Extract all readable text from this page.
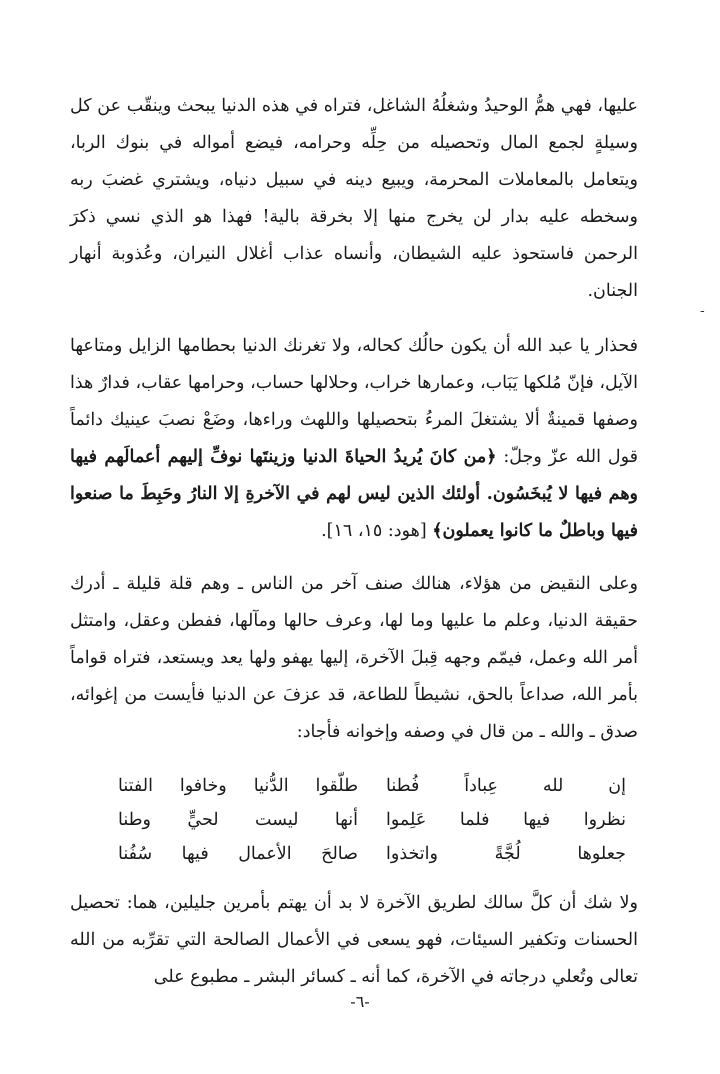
عليها، فهي همُّ الوحيدُ وشغلُهُ الشاغل، فتراه في هذه الدنيا يبحث وينقّب عن كل وسيلةٍ لجمع المال وتحصيله من حِلِّه وحرامه، فيضع أمواله في بنوك الربا، ويتعامل بالمعاملات المحرمة، ويبيع دينه في سبيل دنياه، ويشتري غضبَ ربه وسخطه عليه بدار لن يخرج منها إلا بخرقة بالية! فهذا هو الذي نسي ذكرَ الرحمن فاستحوذ عليه الشيطان، وأنساه عذاب أغلال النيران، وعُذوبة أنهار الجنان.

فحذار يا عبد الله أن يكون حالُك كحاله، ولا تغرنك الدنيا بحطامها الزايل ومتاعها الآيل، فإنّ مُلكها يَبَاب، وعمارها خراب، وحلالها حساب، وحرامها عقاب، فدارٌ هذا وصفها قمينةٌ ألا يشتغلَ المرءُ بتحصيلها واللهث وراءها، وضَعْ نصبَ عينيك دائماً قول الله عزّ وجلّ: ﴿من كانَ يُريدُ الحياةَ الدنيا وزينتَها نوفِّ إليهم أعمالَهم فيها وهم فيها لا يُبخَسُون. أولئك الذين ليس لهم في الآخرةِ إلا النارُ وحَبِطَ ما صنعوا فيها وباطلٌ ما كانوا يعملون﴾ [هود: ١٥، ١٦].

وعلى النقيض من هؤلاء، هنالك صنف آخر من الناس ـ وهم قلة قليلة ـ أدرك حقيقة الدنيا، وعلم ما عليها وما لها، وعرف حالها ومآلها، ففطن وعقل، وامتثل أمر الله وعمل، فيمّم وجهه قِبلَ الآخرة، إليها يهفو ولها يعد ويستعد، فتراه قواماً بأمر الله، صداعاً بالحق، نشيطاً للطاعة، قد عزفَ عن الدنيا فأيست من إغوائه، صدق ـ والله ـ من قال في وصفه وإخوانه فأجاد:

إن لله عِباداً فُطنا
طلّقوا الدُّنيا وخافوا الفتنا
نظروا فيها فلما عَلِموا
أنها ليست لحيٍّ وطنا
جعلوها لُجَّةً واتخذوا
صالحَ الأعمال فيها سُفُنا

ولا شك أن كلَّ سالك لطريق الآخرة لا بد أن يهتم بأمرين جليلين، هما: تحصيل الحسنات وتكفير السيئات، فهو يسعى في الأعمال الصالحة التي تقرِّبه من الله تعالى وتُعلي درجاته في الآخرة، كما أنه ـ كسائر البشر ـ مطبوع على

ـ
-٦-
